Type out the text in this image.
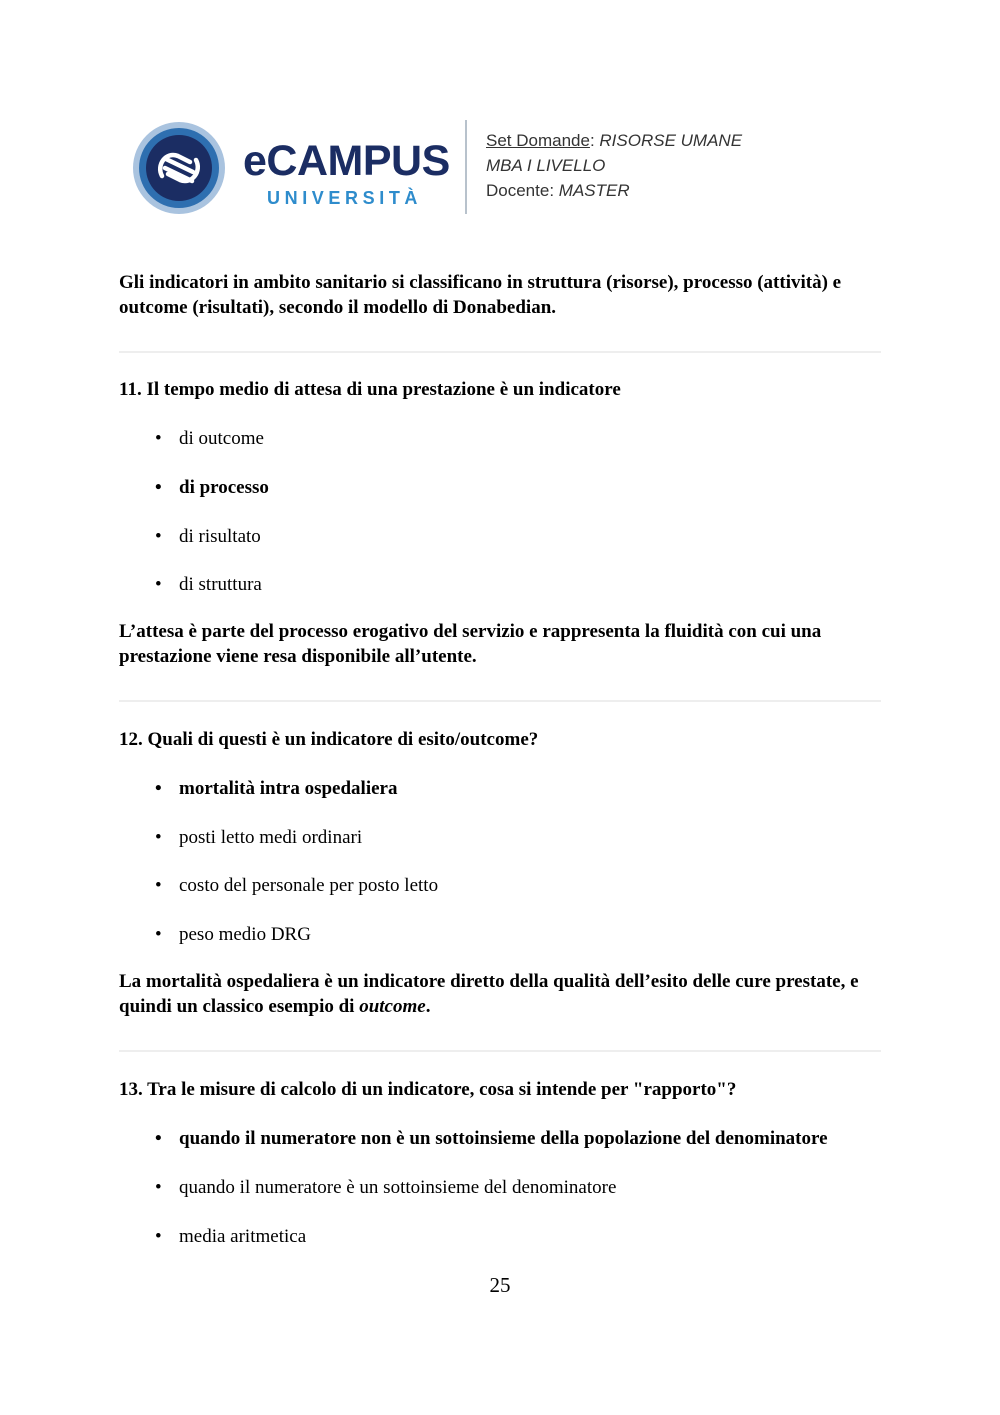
eCAMPUS
UNIVERSITÀ
Set Domande: RISORSE UMANE
MBA I LIVELLO
Docente: MASTER
Gli indicatori in ambito sanitario si classificano in struttura (risorse), processo (attività) e outcome (risultati), secondo il modello di Donabedian.
11. Il tempo medio di attesa di una prestazione è un indicatore
• di outcome
• di processo
• di risultato
• di struttura
L’attesa è parte del processo erogativo del servizio e rappresenta la fluidità con cui una prestazione viene resa disponibile all’utente.
12. Quali di questi è un indicatore di esito/outcome?
• mortalità intra ospedaliera
• posti letto medi ordinari
• costo del personale per posto letto
• peso medio DRG
La mortalità ospedaliera è un indicatore diretto della qualità dell’esito delle cure prestate, e quindi un classico esempio di outcome.
13. Tra le misure di calcolo di un indicatore, cosa si intende per "rapporto"?
• quando il numeratore non è un sottoinsieme della popolazione del denominatore
• quando il numeratore è un sottoinsieme del denominatore
• media aritmetica
25
